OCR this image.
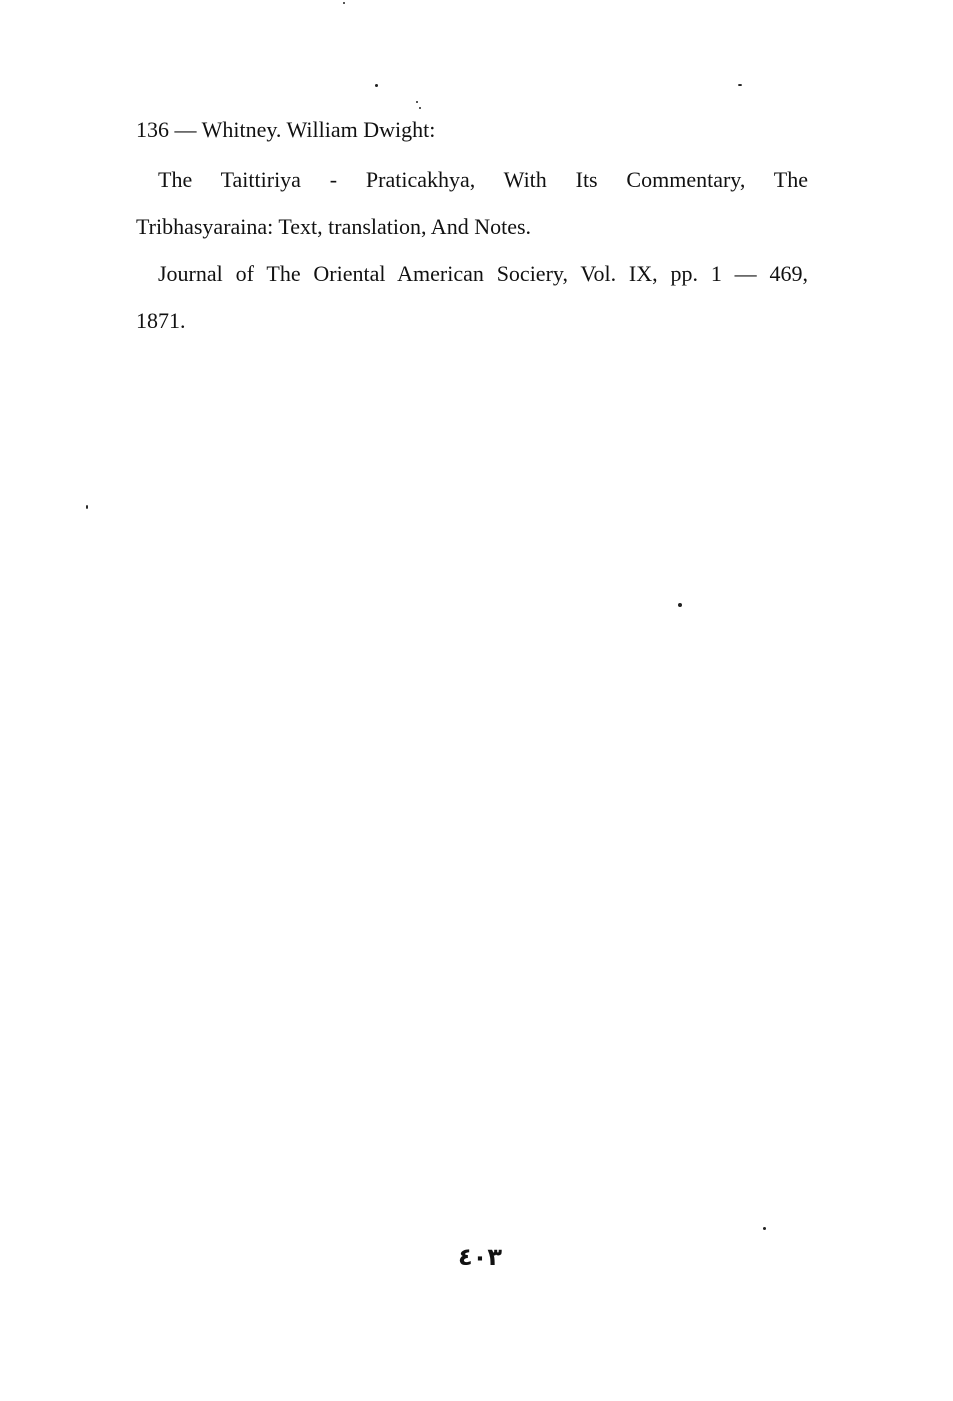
136 — Whitney. William Dwight:
The Taittiriya - Praticakhya, With Its Commentary, The
Tribhasyaraina: Text, translation, And Notes.
Journal of The Oriental American Sociery, Vol. IX, pp. 1 — 469,
1871.
٤٠٣
